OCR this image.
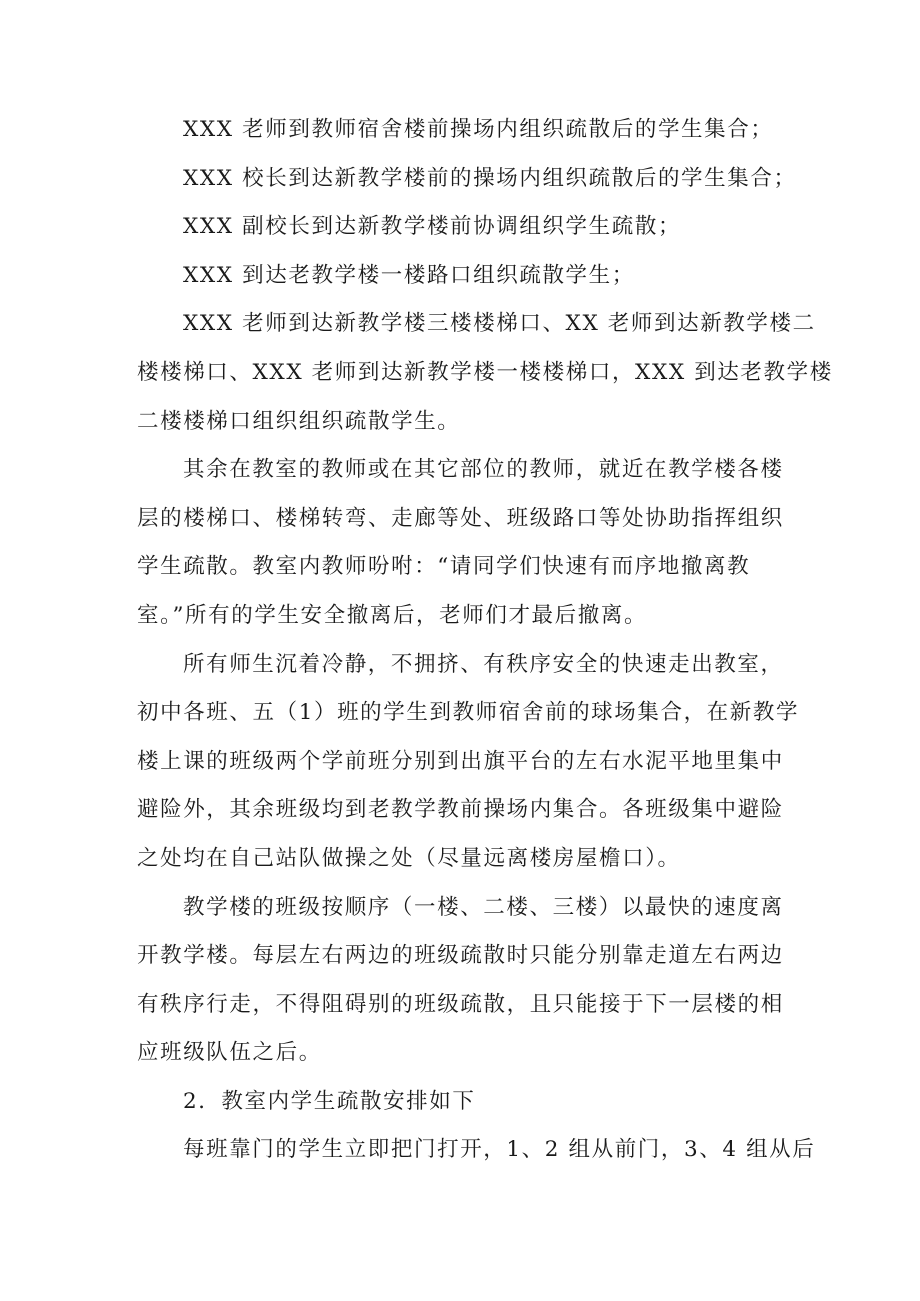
XXX 老师到教师宿舍楼前操场内组织疏散后的学生集合；

XXX 校长到达新教学楼前的操场内组织疏散后的学生集合；

XXX 副校长到达新教学楼前协调组织学生疏散；

XXX 到达老教学楼一楼路口组织疏散学生；

XXX 老师到达新教学楼三楼楼梯口、XX 老师到达新教学楼二
楼楼梯口、XXX 老师到达新教学楼一楼楼梯口，XXX 到达老教学楼
二楼楼梯口组织组织疏散学生。

其余在教室的教师或在其它部位的教师，就近在教学楼各楼
层的楼梯口、楼梯转弯、走廊等处、班级路口等处协助指挥组织
学生疏散。教室内教师吩咐：“请同学们快速有而序地撤离教
室。”所有的学生安全撤离后，老师们才最后撤离。

所有师生沉着冷静，不拥挤、有秩序安全的快速走出教室，
初中各班、五（1）班的学生到教师宿舍前的球场集合，在新教学
楼上课的班级两个学前班分别到出旗平台的左右水泥平地里集中
避险外，其余班级均到老教学教前操场内集合。各班级集中避险
之处均在自己站队做操之处（尽量远离楼房屋檐口）。

教学楼的班级按顺序（一楼、二楼、三楼）以最快的速度离
开教学楼。每层左右两边的班级疏散时只能分别靠走道左右两边
有秩序行走，不得阻碍别的班级疏散，且只能接于下一层楼的相
应班级队伍之后。

2．教室内学生疏散安排如下

每班靠门的学生立即把门打开，1、2 组从前门，3、4 组从后
